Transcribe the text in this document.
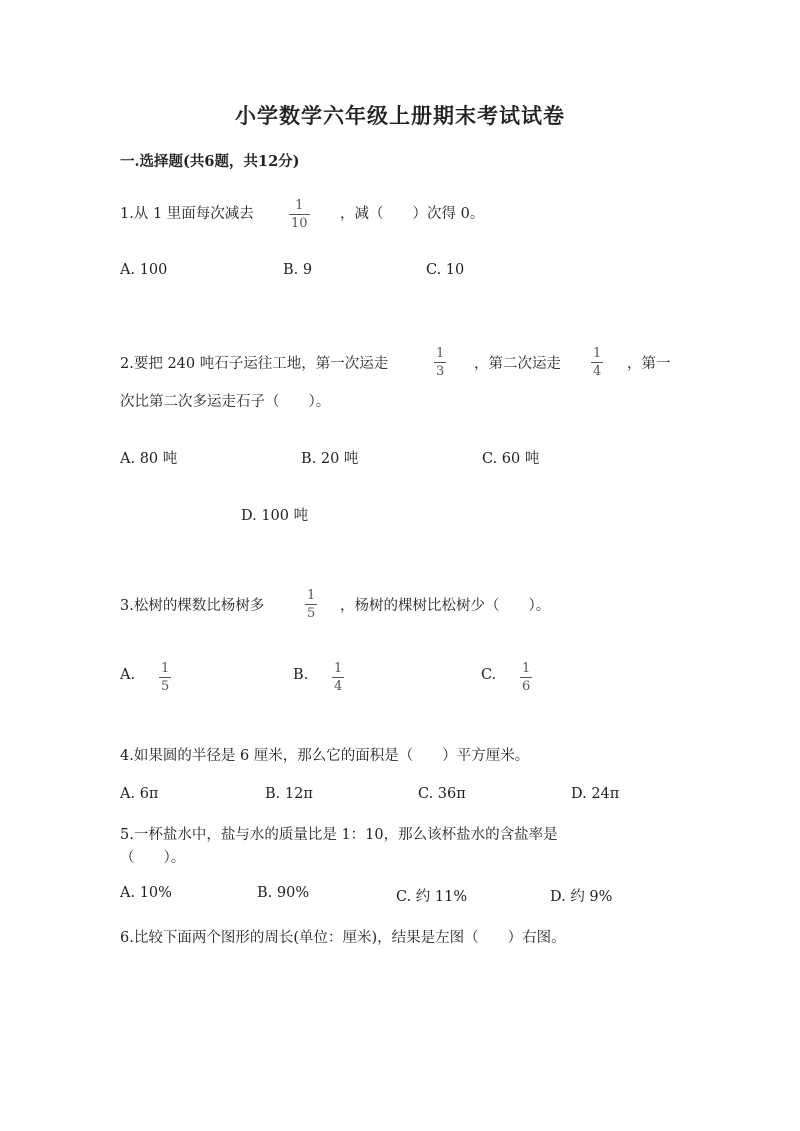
小学数学六年级上册期末考试试卷
一.选择题(共6题，共12分)
1.从 1 里面每次减去
1
10
，减（　　）次得 0。
A. 100	B. 9	C. 10
2.要把 240 吨石子运往工地，第一次运走
1
3 ，第二次运走
1
4 ，第一
次比第二次多运走石子（　　）。
A. 80 吨	B. 20 吨	C. 60 吨
D. 100 吨
3.松树的棵数比杨树多
1
5 ，杨树的棵树比松树少（　　）。
A. 1
5
B. 1
4
C. 1
6
4.如果圆的半径是 6 厘米，那么它的面积是（　　）平方厘米。
A. 6π	B. 12π	C. 36π	D. 24π
5.一杯盐水中，盐与水的质量比是 1：10，那么该杯盐水的含盐率是
（　　）。
A. 10%	B. 90%	C. 约 11%	D. 约 9%
6.比较下面两个图形的周长(单位：厘米)，结果是左图（　　）右图。
